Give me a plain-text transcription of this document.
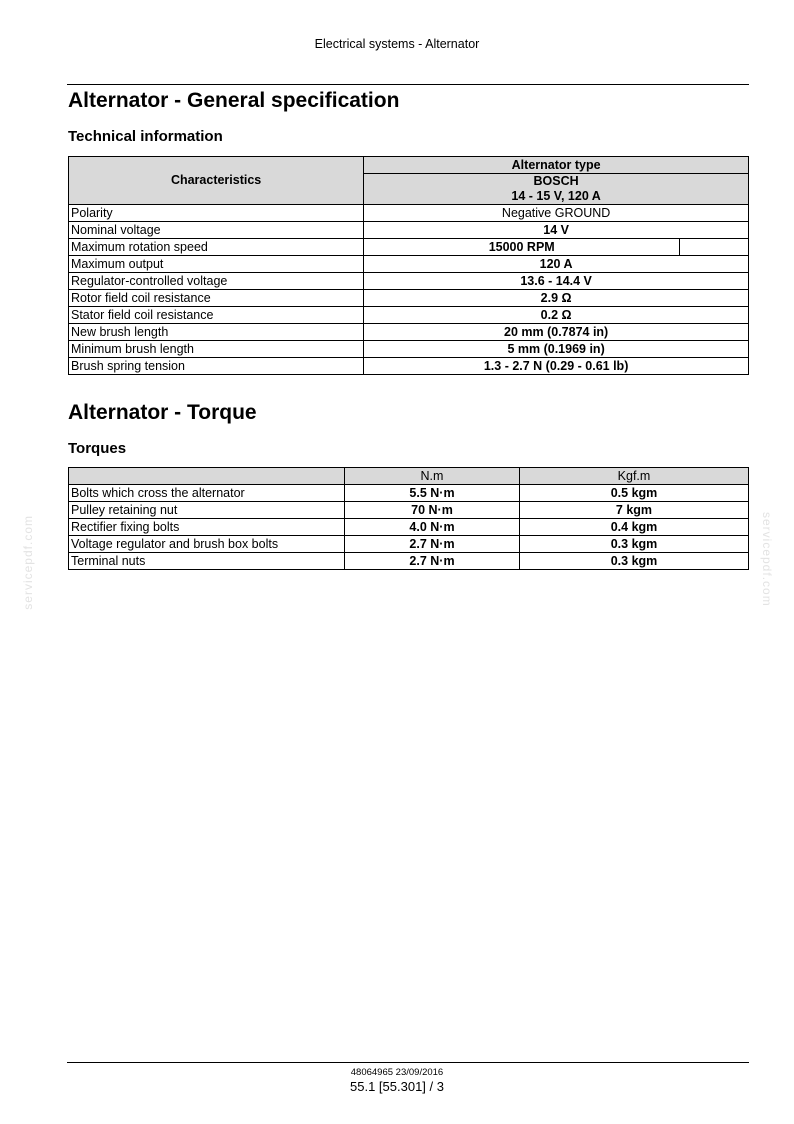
Electrical systems - Alternator
Alternator - General specification
Technical information
Characteristics	Alternator type	
	BOSCH
14 - 15 V, 120 A	
Polarity	Negative GROUND	
Nominal voltage	14 V	
Maximum rotation speed	15000 RPM	
Maximum output	120 A	
Regulator-controlled voltage	13.6 - 14.4 V	
Rotor field coil resistance	2.9 Ω	
Stator field coil resistance	0.2 Ω	
New brush length	20 mm (0.7874 in)	
Minimum brush length	5 mm (0.1969 in)	
Brush spring tension	1.3 - 2.7 N (0.29 - 0.61 lb)	
Alternator - Torque
Torques
	N.m	Kgf.m
Bolts which cross the alternator	5.5 N·m	0.5 kgm
Pulley retaining nut	70 N·m	7 kgm
Rectifier fixing bolts	4.0 N·m	0.4 kgm
Voltage regulator and brush box bolts	2.7 N·m	0.3 kgm
Terminal nuts	2.7 N·m	0.3 kgm
servicepdf.com	servicepdf.com
48064965 23/09/2016
55.1 [55.301] / 3
